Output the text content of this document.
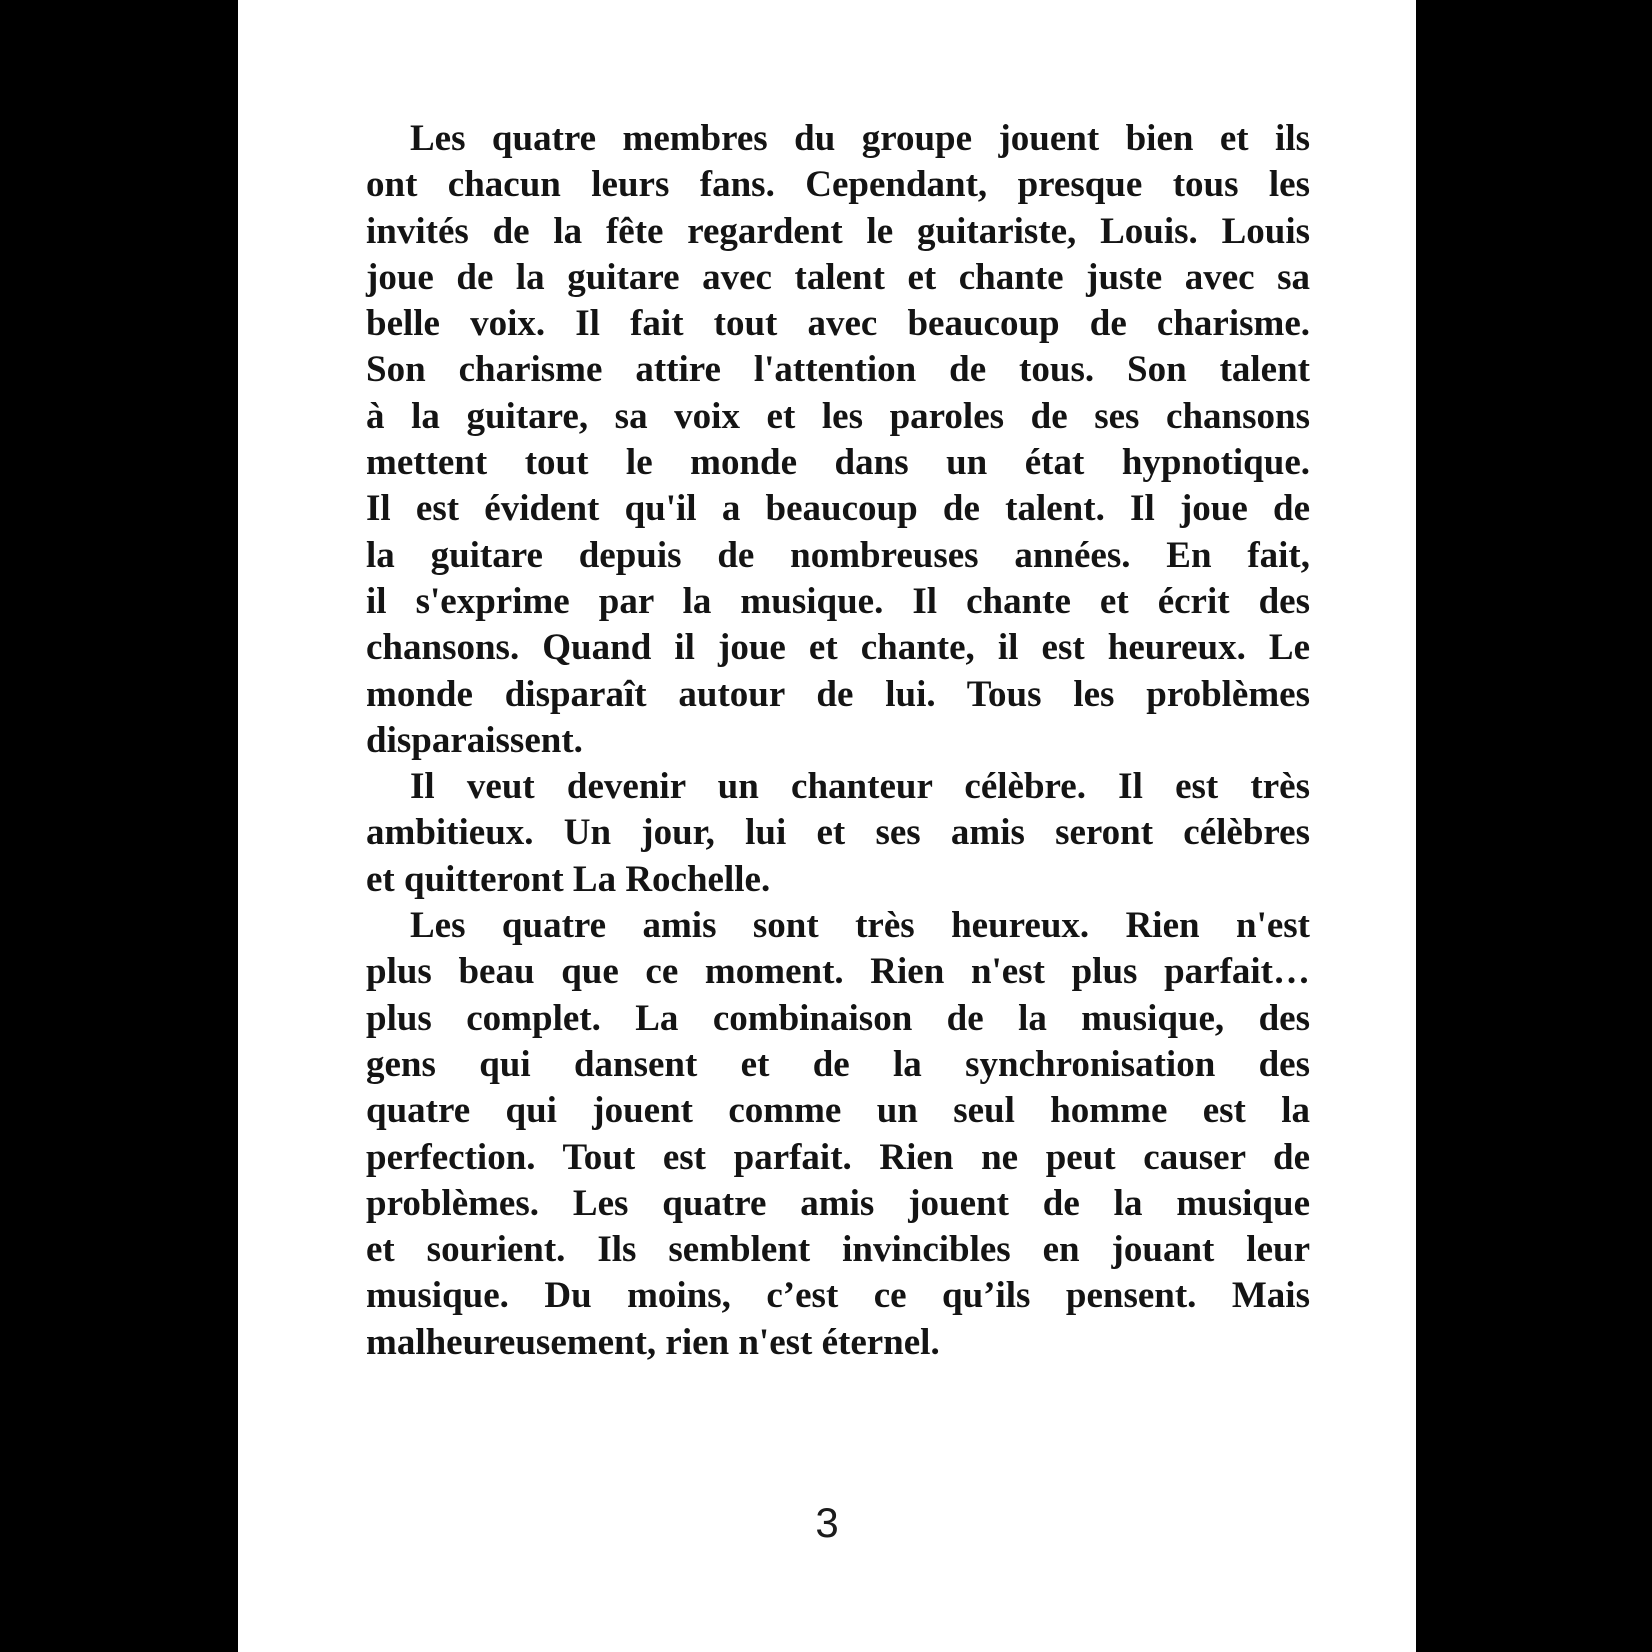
Les quatre membres du groupe jouent bien et ils
ont chacun leurs fans. Cependant, presque tous les
invités de la fête regardent le guitariste, Louis. Louis
joue de la guitare avec talent et chante juste avec sa
belle voix. Il fait tout avec beaucoup de charisme.
Son charisme attire l'attention de tous. Son talent
à la guitare, sa voix et les paroles de ses chansons
mettent tout le monde dans un état hypnotique.
Il est évident qu'il a beaucoup de talent. Il joue de
la guitare depuis de nombreuses années. En fait,
il s'exprime par la musique. Il chante et écrit des
chansons. Quand il joue et chante, il est heureux. Le
monde disparaît autour de lui. Tous les problèmes
disparaissent.
Il veut devenir un chanteur célèbre. Il est très
ambitieux. Un jour, lui et ses amis seront célèbres
et quitteront La Rochelle.
Les quatre amis sont très heureux. Rien n'est
plus beau que ce moment. Rien n'est plus parfait…
plus complet. La combinaison de la musique, des
gens qui dansent et de la synchronisation des
quatre qui jouent comme un seul homme est la
perfection. Tout est parfait. Rien ne peut causer de
problèmes. Les quatre amis jouent de la musique
et sourient. Ils semblent invincibles en jouant leur
musique. Du moins, c’est ce qu’ils pensent. Mais
malheureusement, rien n'est éternel.
3
